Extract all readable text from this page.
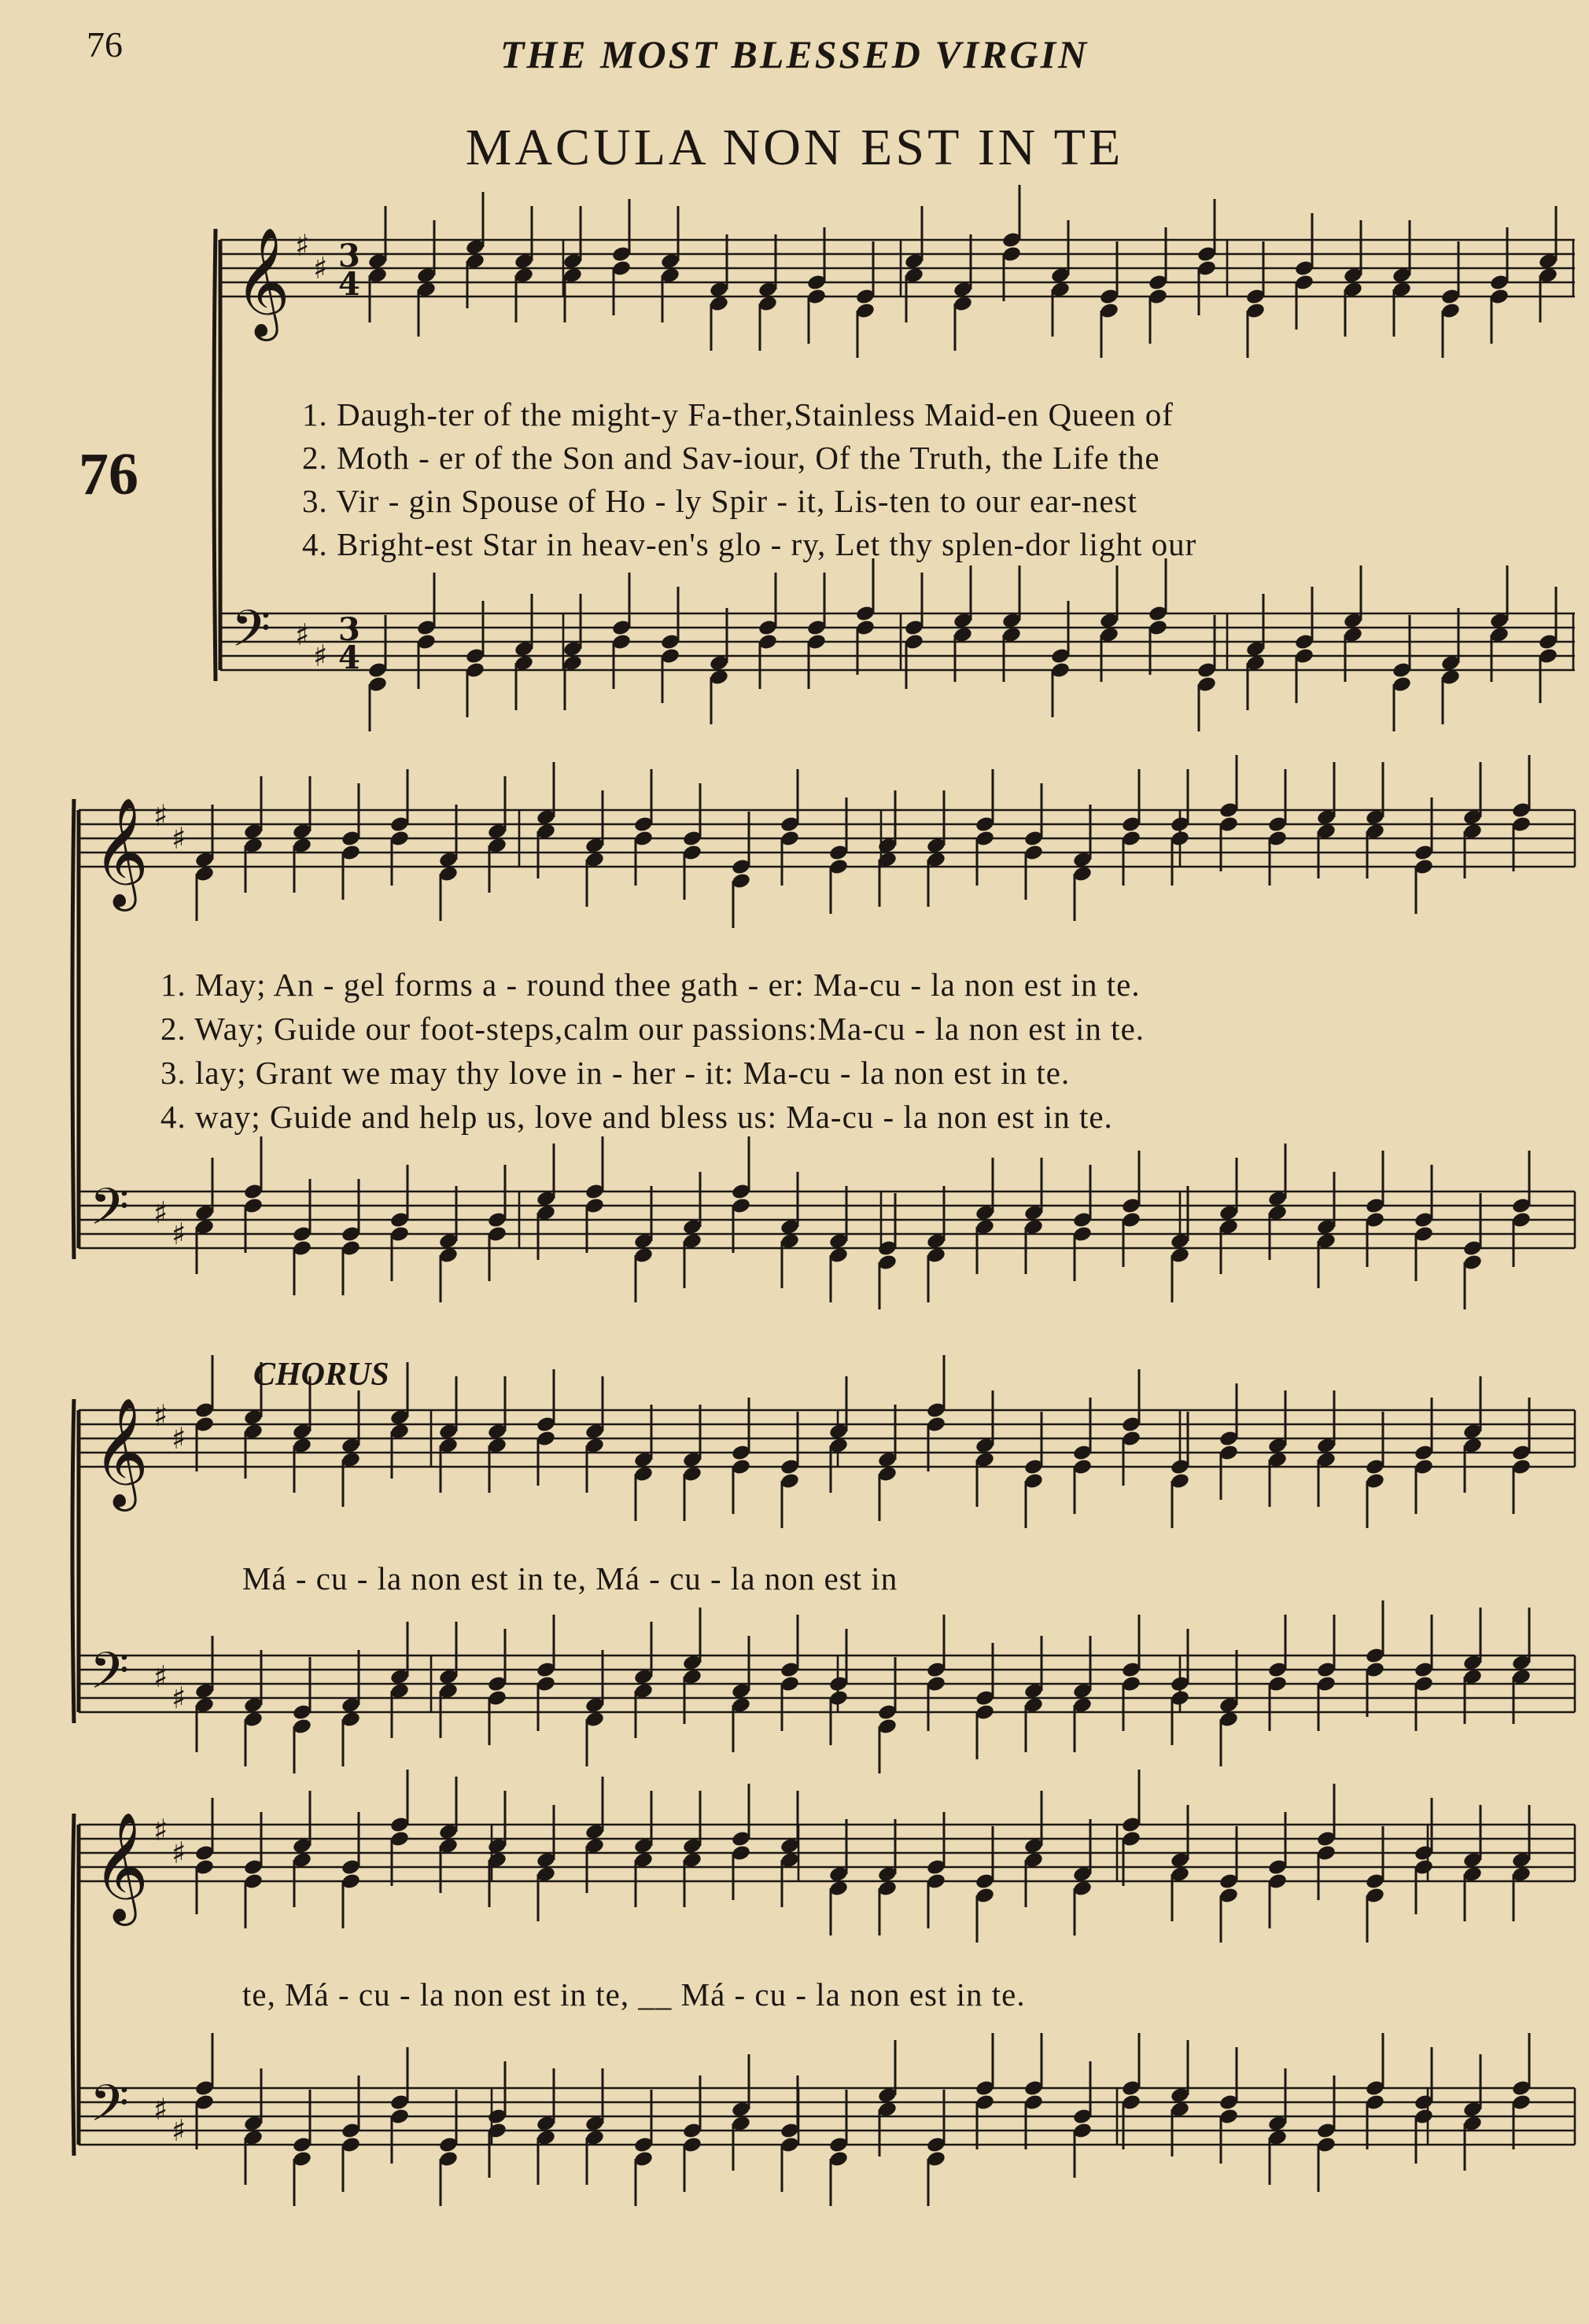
76	THE MOST BLESSED VIRGIN
MACULA NON EST IN TE
76
CHORUS
𝄞 ♯
♯ 3
4
𝄢 ♯
♯
3
4
𝄞 ♯
♯
𝄢 ♯
♯
𝄞 ♯
♯
𝄢 ♯
♯
𝄞 ♯
♯
𝄢 ♯
♯
1. Daugh-ter of the might-y Fa-ther,Stainless Maid-en Queen of
2. Moth - er of the Son and Sav-iour, Of the Truth, the Life the
3. Vir - gin Spouse of Ho - ly Spir - it, Lis-ten to our ear-nest
4. Bright-est Star in heav-en's glo - ry, Let thy splen-dor light our
1. May; An - gel forms a - round thee gath - er: Ma-cu - la non est in te.
2. Way; Guide our foot-steps,calm our passions:Ma-cu - la non est in te.
3. lay; Grant we may thy love in - her - it: Ma-cu - la non est in te.
4. way; Guide and help us, love and bless us: Ma-cu - la non est in te.
Má - cu - la non est in te, Má - cu - la non est in
te, Má - cu - la non est in te, __ Má - cu - la non est in te.
